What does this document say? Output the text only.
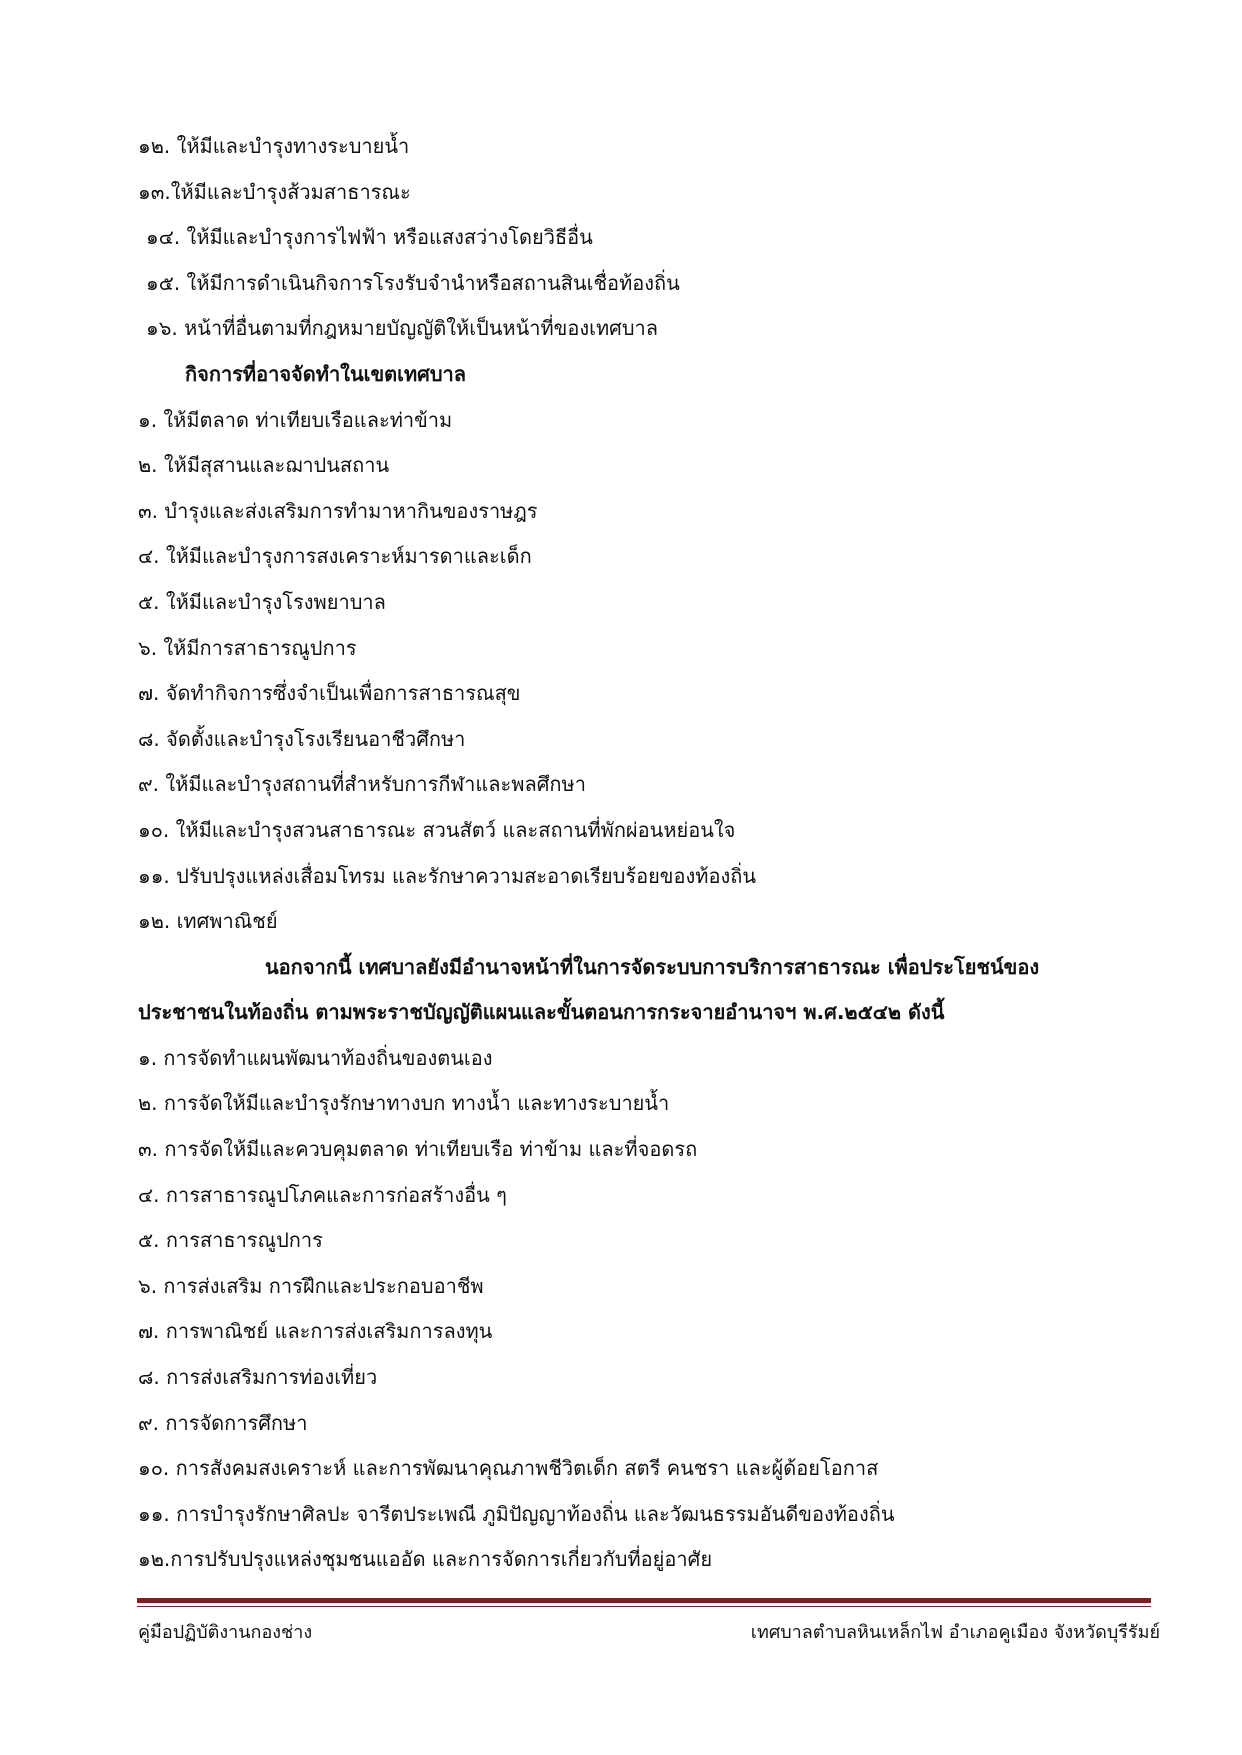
๑๒. ให้มีและบำรุงทางระบายน้ำ

๑๓.ให้มีและบำรุงส้วมสาธารณะ

๑๔. ให้มีและบำรุงการไฟฟ้า หรือแสงสว่างโดยวิธีอื่น

๑๕. ให้มีการดำเนินกิจการโรงรับจำนำหรือสถานสินเชื่อท้องถิ่น

๑๖. หน้าที่อื่นตามที่กฎหมายบัญญัติให้เป็นหน้าที่ของเทศบาล

กิจการที่อาจจัดทำในเขตเทศบาล

๑. ให้มีตลาด ท่าเทียบเรือและท่าข้าม

๒. ให้มีสุสานและฌาปนสถาน

๓. บำรุงและส่งเสริมการทำมาหากินของราษฎร

๔. ให้มีและบำรุงการสงเคราะห์มารดาและเด็ก

๕. ให้มีและบำรุงโรงพยาบาล

๖. ให้มีการสาธารณูปการ

๗. จัดทำกิจการซึ่งจำเป็นเพื่อการสาธารณสุข

๘. จัดตั้งและบำรุงโรงเรียนอาชีวศึกษา

๙. ให้มีและบำรุงสถานที่สำหรับการกีฬาและพลศึกษา

๑๐. ให้มีและบำรุงสวนสาธารณะ สวนสัตว์ และสถานที่พักผ่อนหย่อนใจ

๑๑. ปรับปรุงแหล่งเสื่อมโทรม และรักษาความสะอาดเรียบร้อยของท้องถิ่น

๑๒. เทศพาณิชย์

นอกจากนี้ เทศบาลยังมีอำนาจหน้าที่ในการจัดระบบการบริการสาธารณะ เพื่อประโยชน์ของ

ประชาชนในท้องถิ่น ตามพระราชบัญญัติแผนและขั้นตอนการกระจายอำนาจฯ พ.ศ.๒๕๔๒ ดังนี้

๑. การจัดทำแผนพัฒนาท้องถิ่นของตนเอง

๒. การจัดให้มีและบำรุงรักษาทางบก ทางน้ำ และทางระบายน้ำ

๓. การจัดให้มีและควบคุมตลาด ท่าเทียบเรือ ท่าข้าม และที่จอดรถ

๔. การสาธารณูปโภคและการก่อสร้างอื่น ๆ

๕. การสาธารณูปการ

๖. การส่งเสริม การฝึกและประกอบอาชีพ

๗. การพาณิชย์ และการส่งเสริมการลงทุน

๘. การส่งเสริมการท่องเที่ยว

๙. การจัดการศึกษา

๑๐. การสังคมสงเคราะห์ และการพัฒนาคุณภาพชีวิตเด็ก สตรี คนชรา และผู้ด้อยโอกาส

๑๑. การบำรุงรักษาศิลปะ จารีตประเพณี ภูมิปัญญาท้องถิ่น และวัฒนธรรมอันดีของท้องถิ่น

๑๒.การปรับปรุงแหล่งชุมชนแออัด และการจัดการเกี่ยวกับที่อยู่อาศัย

คู่มือปฏิบัติงานกองช่าง	เทศบาลตำบลหินเหล็กไฟ อำเภอคูเมือง จังหวัดบุรีรัมย์
